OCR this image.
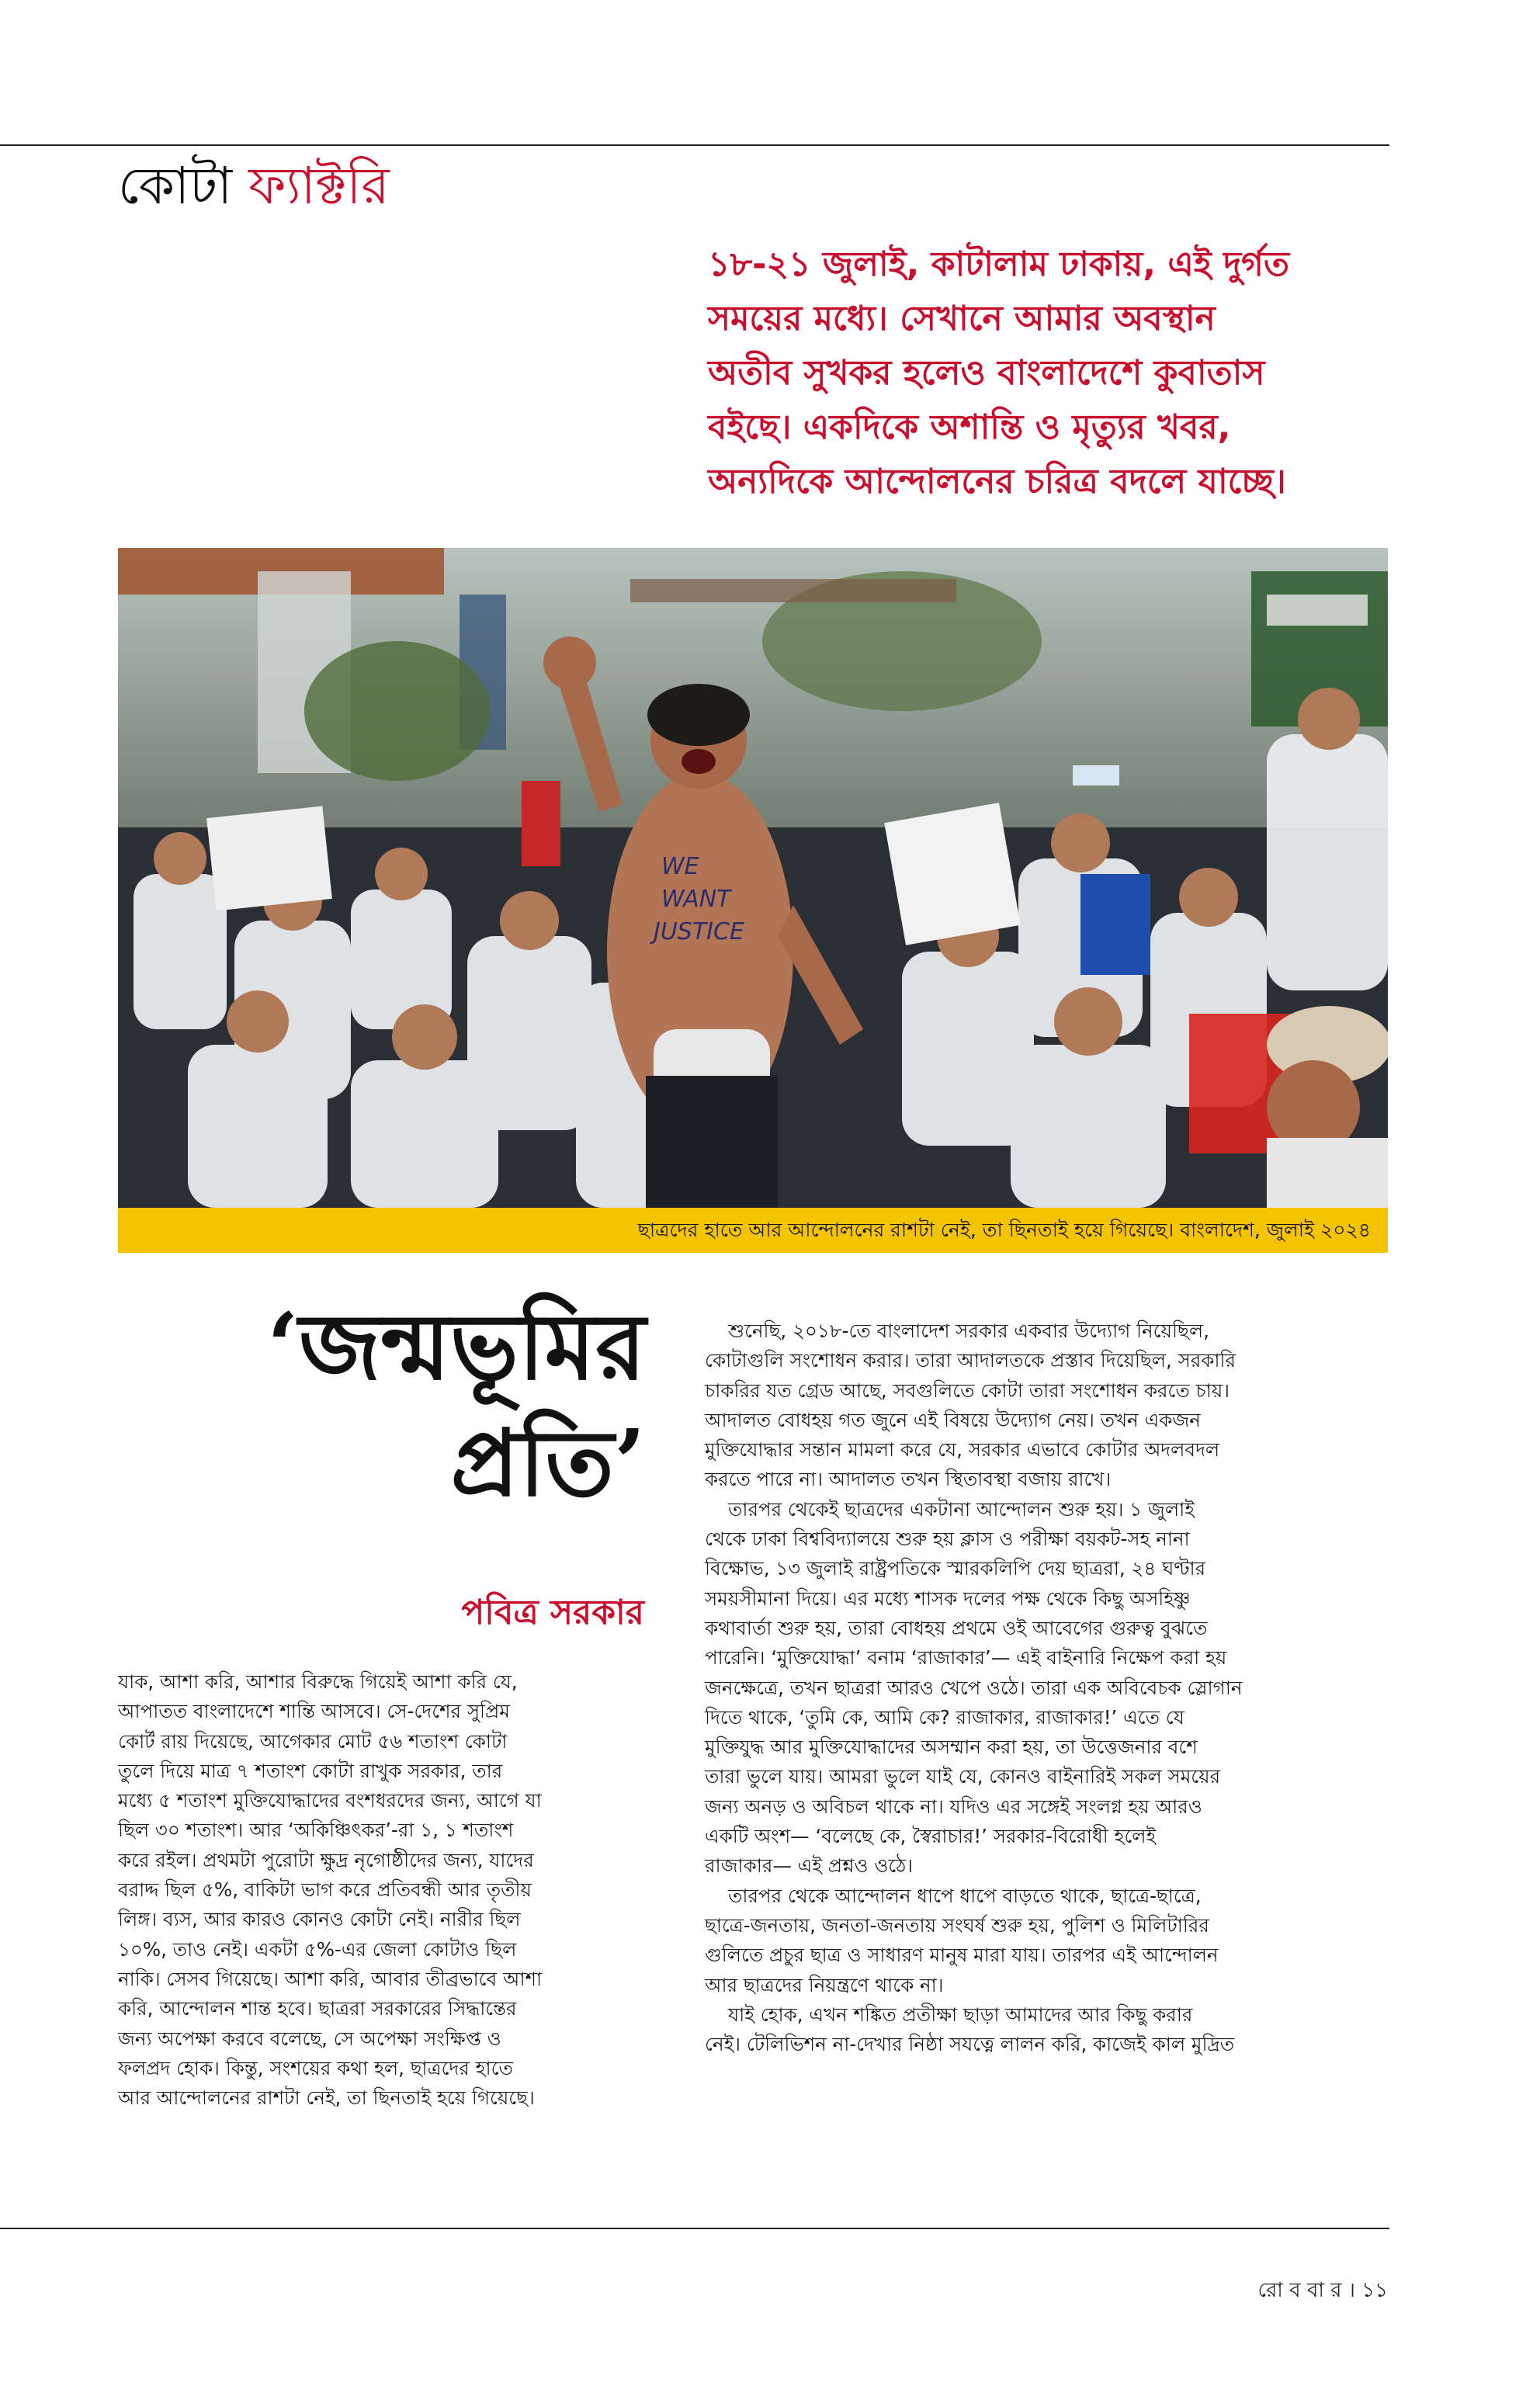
কোটা ফ্যাক্টরি

১৮-২১ জুলাই, কাটালাম ঢাকায়, এই দুর্গত

সময়ের মধ্যে। সেখানে আমার অবস্থান

অতীব সুখকর হলেও বাংলাদেশে কুবাতাস

বইছে। একদিকে অশান্তি ও মৃত্যুর খবর,

অন্যদিকে আন্দোলনের চরিত্র বদলে যাচ্ছে।

WE
WANT
JUSTICE
ছাত্রদের হাতে আর আন্দোলনের রাশটা নেই, তা ছিনতাই হয়ে গিয়েছে। বাংলাদেশ, জুলাই ২০২৪

‘জন্মভূমির

প্রতি’

পবিত্র সরকার

যাক, আশা করি, আশার বিরুদ্ধে গিয়েই আশা করি যে,

আপাতত বাংলাদেশে শান্তি আসবে। সে-দেশের সুপ্রিম

কোর্ট রায় দিয়েছে, আগেকার মোট ৫৬ শতাংশ কোটা

তুলে দিয়ে মাত্র ৭ শতাংশ কোটা রাখুক সরকার, তার

মধ্যে ৫ শতাংশ মুক্তিযোদ্ধাদের বংশধরদের জন্য, আগে যা

ছিল ৩০ শতাংশ। আর ‘অকিঞ্চিৎকর’-রা ১, ১ শতাংশ

করে রইল। প্রথমটা পুরোটা ক্ষুদ্র নৃগোষ্ঠীদের জন্য, যাদের

বরাদ্দ ছিল ৫%, বাকিটা ভাগ করে প্রতিবন্ধী আর তৃতীয়

লিঙ্গ। ব্যস, আর কারও কোনও কোটা নেই। নারীর ছিল

১০%, তাও নেই। একটা ৫%-এর জেলা কোটাও ছিল

নাকি। সেসব গিয়েছে। আশা করি, আবার তীব্রভাবে আশা

করি, আন্দোলন শান্ত হবে। ছাত্ররা সরকারের সিদ্ধান্তের

জন্য অপেক্ষা করবে বলেছে, সে অপেক্ষা সংক্ষিপ্ত ও

ফলপ্রদ হোক। কিন্তু, সংশয়ের কথা হল, ছাত্রদের হাতে

আর আন্দোলনের রাশটা নেই, তা ছিনতাই হয়ে গিয়েছে।

শুনেছি, ২০১৮-তে বাংলাদেশ সরকার একবার উদ্যোগ নিয়েছিল,

কোটাগুলি সংশোধন করার। তারা আদালতকে প্রস্তাব দিয়েছিল, সরকারি

চাকরির যত গ্রেড আছে, সবগুলিতে কোটা তারা সংশোধন করতে চায়।

আদালত বোধহয় গত জুনে এই বিষয়ে উদ্যোগ নেয়। তখন একজন

মুক্তিযোদ্ধার সন্তান মামলা করে যে, সরকার এভাবে কোটার অদলবদল

করতে পারে না। আদালত তখন স্থিতাবস্থা বজায় রাখে।

তারপর থেকেই ছাত্রদের একটানা আন্দোলন শুরু হয়। ১ জুলাই

থেকে ঢাকা বিশ্ববিদ্যালয়ে শুরু হয় ক্লাস ও পরীক্ষা বয়কট-সহ নানা

বিক্ষোভ, ১৩ জুলাই রাষ্ট্রপতিকে স্মারকলিপি দেয় ছাত্ররা, ২৪ ঘণ্টার

সময়সীমানা দিয়ে। এর মধ্যে শাসক দলের পক্ষ থেকে কিছু অসহিষ্ণু

কথাবার্তা শুরু হয়, তারা বোধহয় প্রথমে ওই আবেগের গুরুত্ব বুঝতে

পারেনি। ‘মুক্তিযোদ্ধা’ বনাম ‘রাজাকার’— এই বাইনারি নিক্ষেপ করা হয়

জনক্ষেত্রে, তখন ছাত্ররা আরও খেপে ওঠে। তারা এক অবিবেচক স্লোগান

দিতে থাকে, ‘তুমি কে, আমি কে? রাজাকার, রাজাকার!’ এতে যে

মুক্তিযুদ্ধ আর মুক্তিযোদ্ধাদের অসম্মান করা হয়, তা উত্তেজনার বশে

তারা ভুলে যায়। আমরা ভুলে যাই যে, কোনও বাইনারিই সকল সময়ের

জন্য অনড় ও অবিচল থাকে না। যদিও এর সঙ্গেই সংলগ্ন হয় আরও

একটি অংশ— ‘বলেছে কে, স্বৈরাচার!’ সরকার-বিরোধী হলেই

রাজাকার— এই প্রশ্নও ওঠে।

তারপর থেকে আন্দোলন ধাপে ধাপে বাড়তে থাকে, ছাত্রে-ছাত্রে,

ছাত্রে-জনতায়, জনতা-জনতায় সংঘর্ষ শুরু হয়, পুলিশ ও মিলিটারির

গুলিতে প্রচুর ছাত্র ও সাধারণ মানুষ মারা যায়। তারপর এই আন্দোলন

আর ছাত্রদের নিয়ন্ত্রণে থাকে না।

যাই হোক, এখন শঙ্কিত প্রতীক্ষা ছাড়া আমাদের আর কিছু করার

নেই। টেলিভিশন না-দেখার নিষ্ঠা সযত্নে লালন করি, কাজেই কাল মুদ্রিত

রো ব বা র । ১১
